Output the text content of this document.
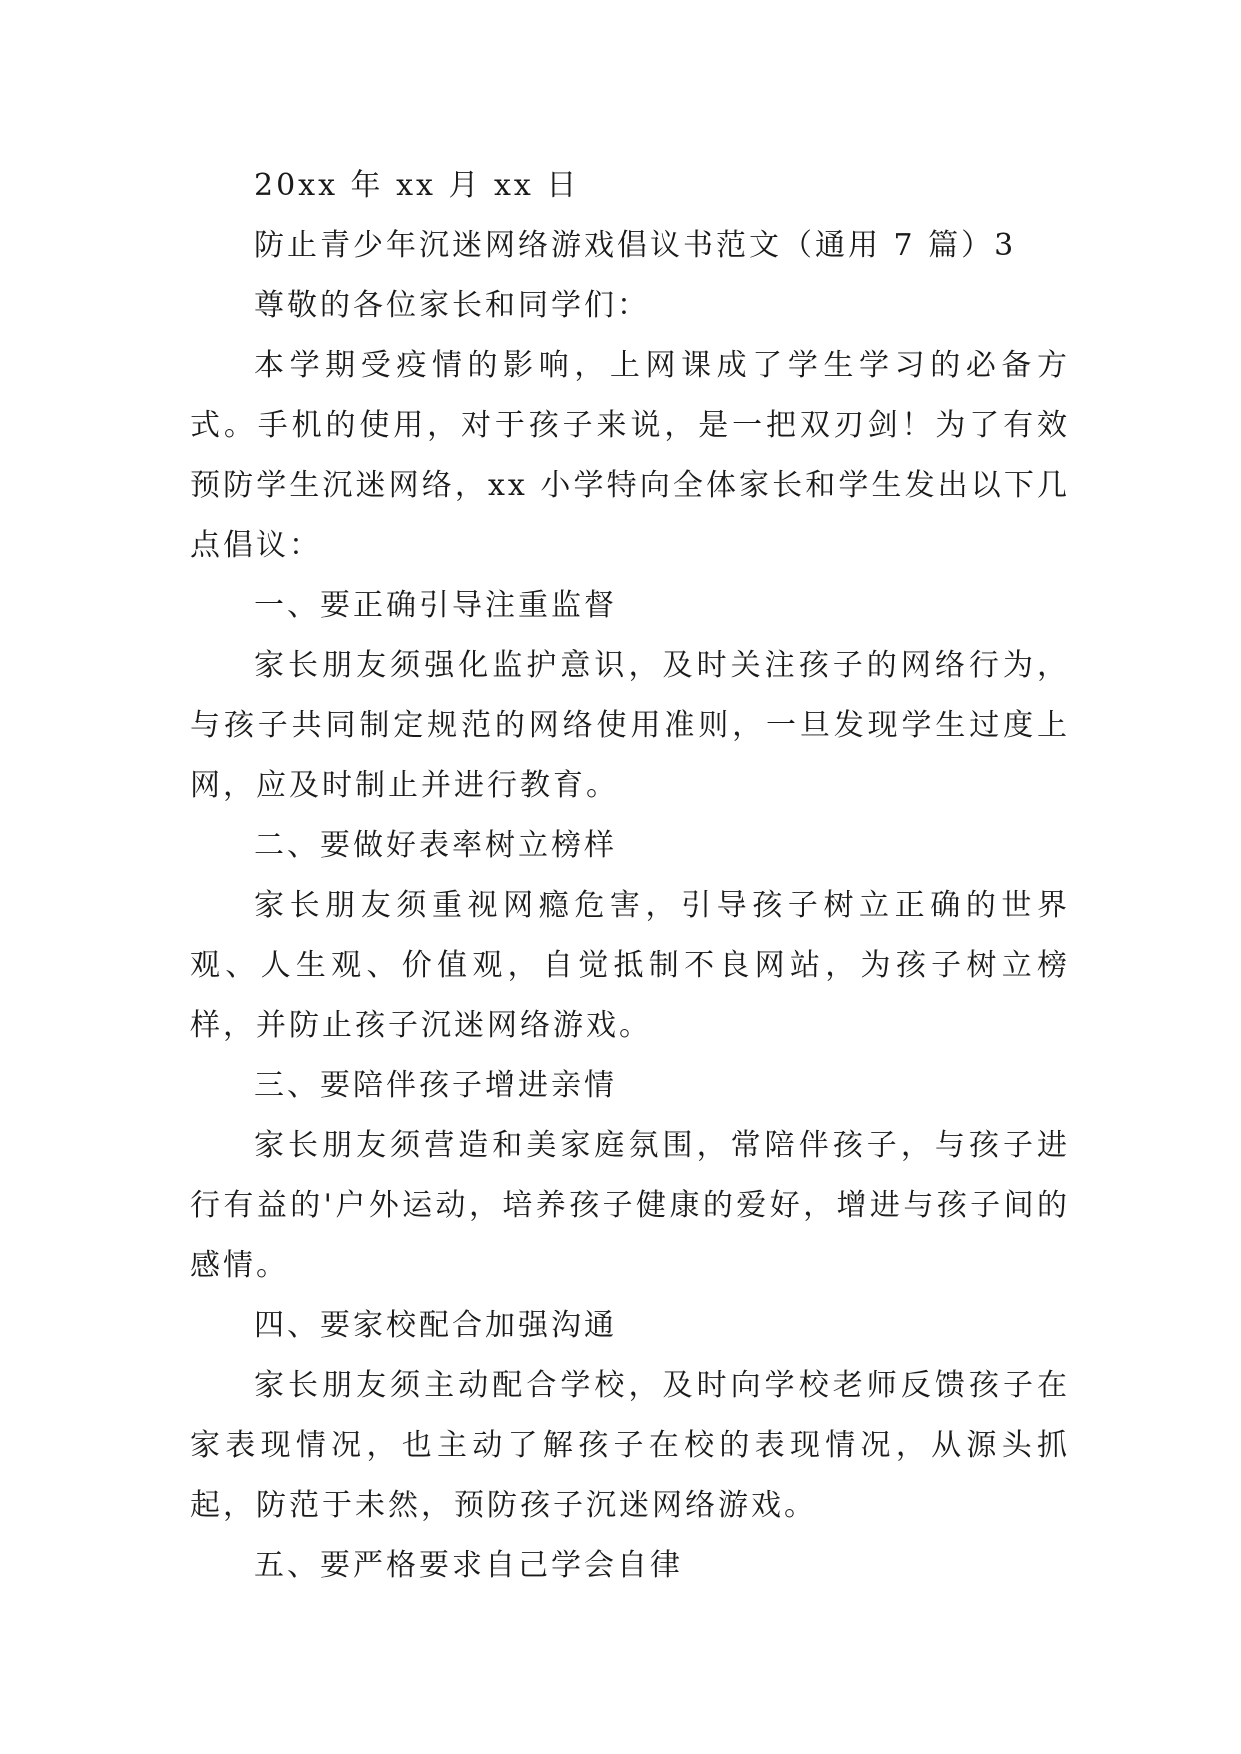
20xx 年 xx 月 xx 日

防止青少年沉迷网络游戏倡议书范文（通用 7 篇）3

尊敬的各位家长和同学们：

本学期受疫情的影响，上网课成了学生学习的必备方式。手机的使用，对于孩子来说，是一把双刃剑！为了有效预防学生沉迷网络，xx 小学特向全体家长和学生发出以下几点倡议：

一、要正确引导注重监督

家长朋友须强化监护意识，及时关注孩子的网络行为，与孩子共同制定规范的网络使用准则，一旦发现学生过度上网，应及时制止并进行教育。

二、要做好表率树立榜样

家长朋友须重视网瘾危害，引导孩子树立正确的世界观、人生观、价值观，自觉抵制不良网站，为孩子树立榜样，并防止孩子沉迷网络游戏。

三、要陪伴孩子增进亲情

家长朋友须营造和美家庭氛围，常陪伴孩子，与孩子进行有益的'户外运动，培养孩子健康的爱好，增进与孩子间的感情。

四、要家校配合加强沟通

家长朋友须主动配合学校，及时向学校老师反馈孩子在家表现情况，也主动了解孩子在校的表现情况，从源头抓起，防范于未然，预防孩子沉迷网络游戏。

五、要严格要求自己学会自律
